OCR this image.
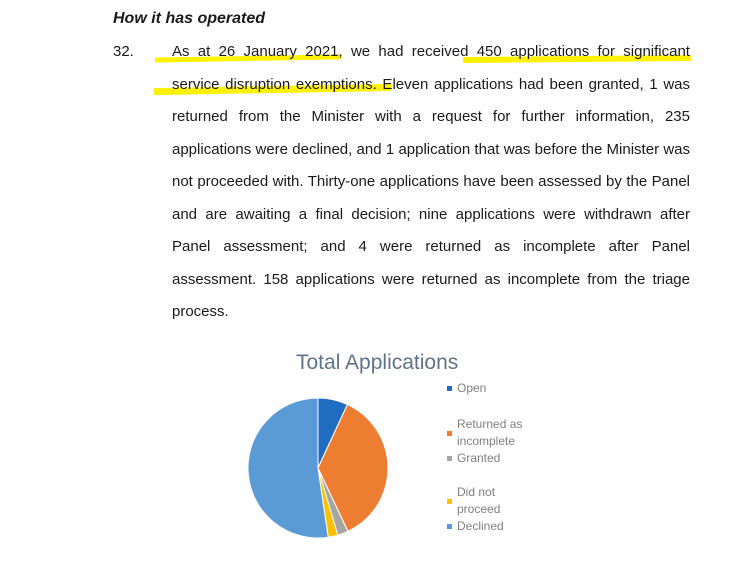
How it has operated
32.	As at 26 January 2021, we had received 450 applications for significant service disruption exemptions. Eleven applications had been granted, 1 was returned from the Minister with a request for further information, 235 applications were declined, and 1 application that was before the Minister was not proceeded with. Thirty-one applications have been assessed by the Panel and are awaiting a final decision; nine applications were withdrawn after Panel assessment; and 4 were returned as incomplete after Panel assessment. 158 applications were returned as incomplete from the triage process.
Total Applications
Open
Returned as
incomplete
Granted
Did not
proceed
Declined
